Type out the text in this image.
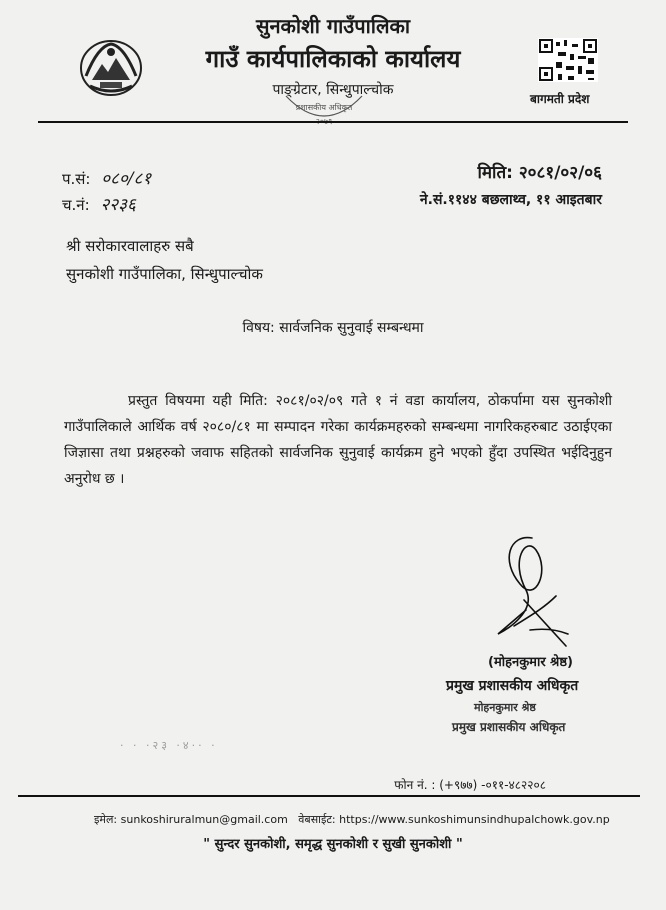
सुनकोशी गाउँपालिका
गाउँ कार्यपालिकाको कार्यालय
पाङ्ग्रेटार, सिन्धुपाल्चोक
प्रशासकीय अधिकृत
२०७९
बागमती प्रदेश
प.सं: ०८०/८१
च.नं: २२३६
मिति: २०८१/०२/०६
ने.सं.११४४ बछलाथ्व, ११ आइतबार
श्री सरोकारवालाहरु सबै
सुनकोशी गाउँपालिका, सिन्धुपाल्चोक
विषय: सार्वजनिक सुनुवाई सम्बन्धमा
प्रस्तुत विषयमा यही मिति: २०८१/०२/०९ गते १ नं वडा कार्यालय, ठोकर्पामा यस सुनकोशी गाउँपालिकाले आर्थिक वर्ष २०८०/८१ मा सम्पादन गरेका कार्यक्रमहरुको सम्बन्धमा नागरिकहरुबाट उठाईएका जिज्ञासा तथा प्रश्नहरुको जवाफ सहितको सार्वजनिक सुनुवाई कार्यक्रम हुने भएको हुँदा उपस्थित भईदिनुहुन अनुरोध छ ।
(मोहनकुमार श्रेष्ठ)
प्रमुख प्रशासकीय अधिकृत
मोहनकुमार श्रेष्ठ
प्रमुख प्रशासकीय अधिकृत
· · ·२३ ·४·· ·
फोन नं. : (+९७७) -०११-४८२२०८
इमेल: sunkoshiruralmun@gmail.com वेबसाईट: https://www.sunkoshimunsindhupalchowk.gov.np
" सुन्दर सुनकोशी, समृद्ध सुनकोशी र सुखी सुनकोशी "
